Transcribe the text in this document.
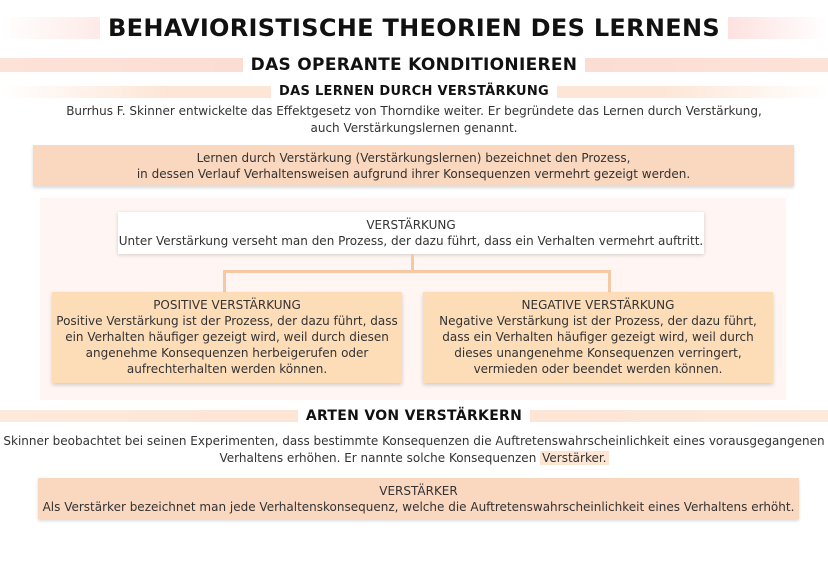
BEHAVIORISTISCHE THEORIEN DES LERNENS
DAS OPERANTE KONDITIONIEREN
DAS LERNEN DURCH VERSTÄRKUNG
Burrhus F. Skinner entwickelte das Effektgesetz von Thorndike weiter. Er begründete das Lernen durch Verstärkung,
auch Verstärkungslernen genannt.
Lernen durch Verstärkung (Verstärkungslernen) bezeichnet den Prozess,
in dessen Verlauf Verhaltensweisen aufgrund ihrer Konsequenzen vermehrt gezeigt werden.
VERSTÄRKUNG
Unter Verstärkung verseht man den Prozess, der dazu führt, dass ein Verhalten vermehrt auftritt.
POSITIVE VERSTÄRKUNG
Positive Verstärkung ist der Prozess, der dazu führt, dass
ein Verhalten häufiger gezeigt wird, weil durch diesen
angenehme Konsequenzen herbeigerufen oder
aufrechterhalten werden können.
NEGATIVE VERSTÄRKUNG
Negative Verstärkung ist der Prozess, der dazu führt,
dass ein Verhalten häufiger gezeigt wird, weil durch
dieses unangenehme Konsequenzen verringert,
vermieden oder beendet werden können.
ARTEN VON VERSTÄRKERN
Skinner beobachtet bei seinen Experimenten, dass bestimmte Konsequenzen die Auftretenswahrscheinlichkeit eines vorausgegangenen
Verhaltens erhöhen. Er nannte solche Konsequenzen Verstärker.
VERSTÄRKER
Als Verstärker bezeichnet man jede Verhaltenskonsequenz, welche die Auftretenswahrscheinlichkeit eines Verhaltens erhöht.
